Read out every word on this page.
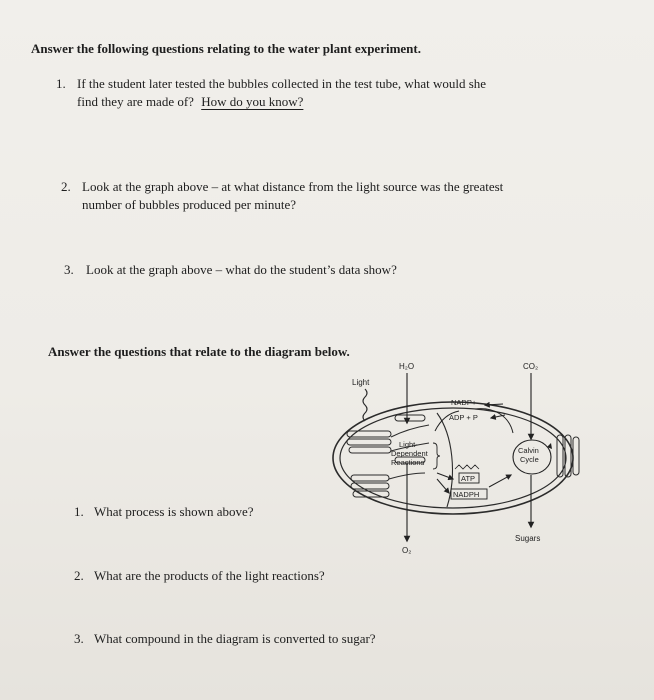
Answer the following questions relating to the water plant experiment.
1. If the student later tested the bubbles collected in the test tube, what would she
find they are made of? How do you know?
2. Look at the graph above – at what distance from the light source was the greatest
number of bubbles produced per minute?
3. Look at the graph above – what do the student’s data show?
Answer the questions that relate to the diagram below.
1. What process is shown above?
2. What are the products of the light reactions?
3. What compound in the diagram is converted to sugar?
Light
H₂O
O₂
CO₂
Sugars
NADP+
ADP + P
Light-
Dependent
Reactions
ATP
NADPH
Calvin
Cycle
